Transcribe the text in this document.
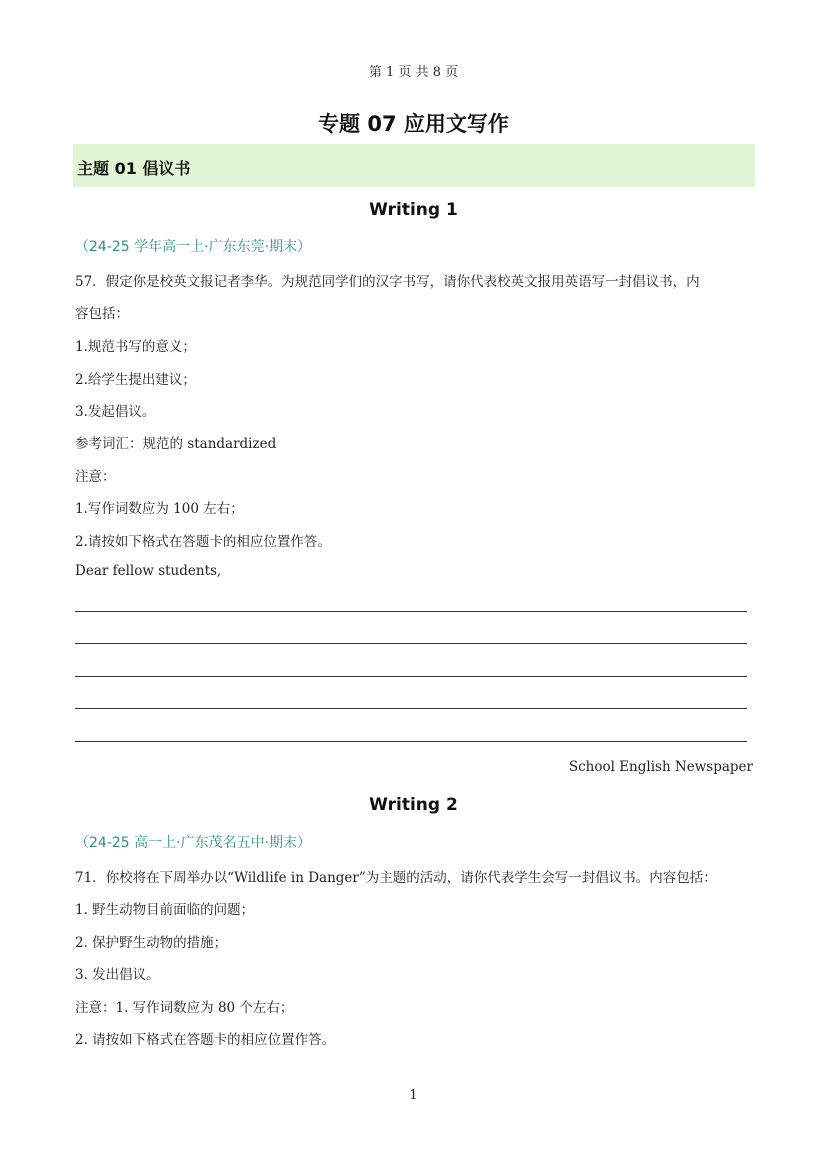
第 1 页 共 8 页
专题 07 应用文写作
主题 01 倡议书
Writing 1
（24-25 学年高一上·广东东莞·期末）
57．假定你是校英文报记者李华。为规范同学们的汉字书写，请你代表校英文报用英语写一封倡议书，内
容包括：
1.规范书写的意义；
2.给学生提出建议；
3.发起倡议。
参考词汇：规范的 standardized
注意：
1.写作词数应为 100 左右；
2.请按如下格式在答题卡的相应位置作答。
Dear fellow students,
School English Newspaper
Writing 2
（24-25 高一上·广东茂名五中·期末）
71．你校将在下周举办以“Wildlife in Danger”为主题的活动，请你代表学生会写一封倡议书。内容包括：
1. 野生动物目前面临的问题；
2. 保护野生动物的措施；
3. 发出倡议。
注意：1. 写作词数应为 80 个左右；
2. 请按如下格式在答题卡的相应位置作答。
1
